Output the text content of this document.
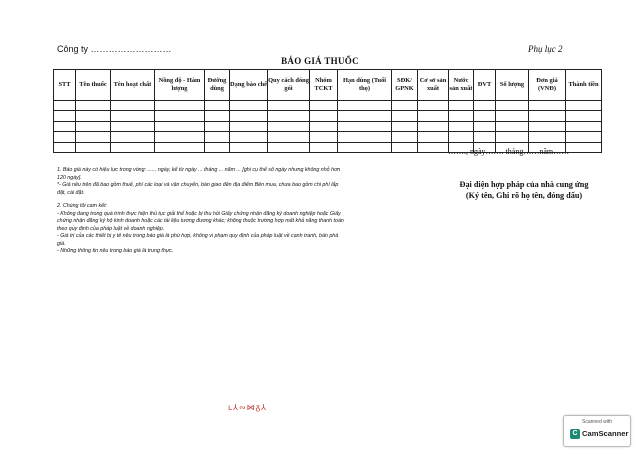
Công ty ………………………	Phụ lục 2
BÁO GIÁ THUỐC
STT	Tên thuốc	Tên hoạt chất	Nồng độ - Hàm lượng	Đường dùng	Dạng bào chế	Quy cách đóng gói	Nhóm TCKT	Hạn dùng (Tuổi thọ)	SĐK/ GPNK	Cơ sở sản xuất	Nước sản xuất	ĐVT	Số lượng	Đơn giá (VNĐ)	Thành tiền

……., ngày……. tháng……năm……

1. Báo giá này có hiệu lực trong vòng: ...... ngày, kể từ ngày ... tháng ... năm ... [ghi cụ thể số ngày nhưng không nhỏ hơn 120 ngày].

*- Giá nêu trên đã bao gồm thuế, phí các loại và vận chuyển, bàn giao đến địa điểm Bên mua, chưa bao gồm chi phí lắp đặt, cài đặt.

2. Chúng tôi cam kết:

- Không đang trong quá trình thực hiện thủ tục giải thể hoặc bị thu hồi Giấy chứng nhận đăng ký doanh nghiệp hoặc Giấy chứng nhận đăng ký hộ kinh doanh hoặc các tài liệu tương đương khác; không thuộc trường hợp mất khả năng thanh toán theo quy định của pháp luật về doanh nghiệp.

- Giá trị của các thiết bị y tế nêu trong báo giá là phù hợp, không vi phạm quy định của pháp luật về cạnh tranh, bán phá giá.

- Những thông tin nêu trong báo giá là trung thực.

Đại diện hợp pháp của nhà cung ứng
(Ký tên, Ghi rõ họ tên, đóng dấu)
ʟ⅄∾⋈ᵹ⅄
Scanned with
C CamScanner
